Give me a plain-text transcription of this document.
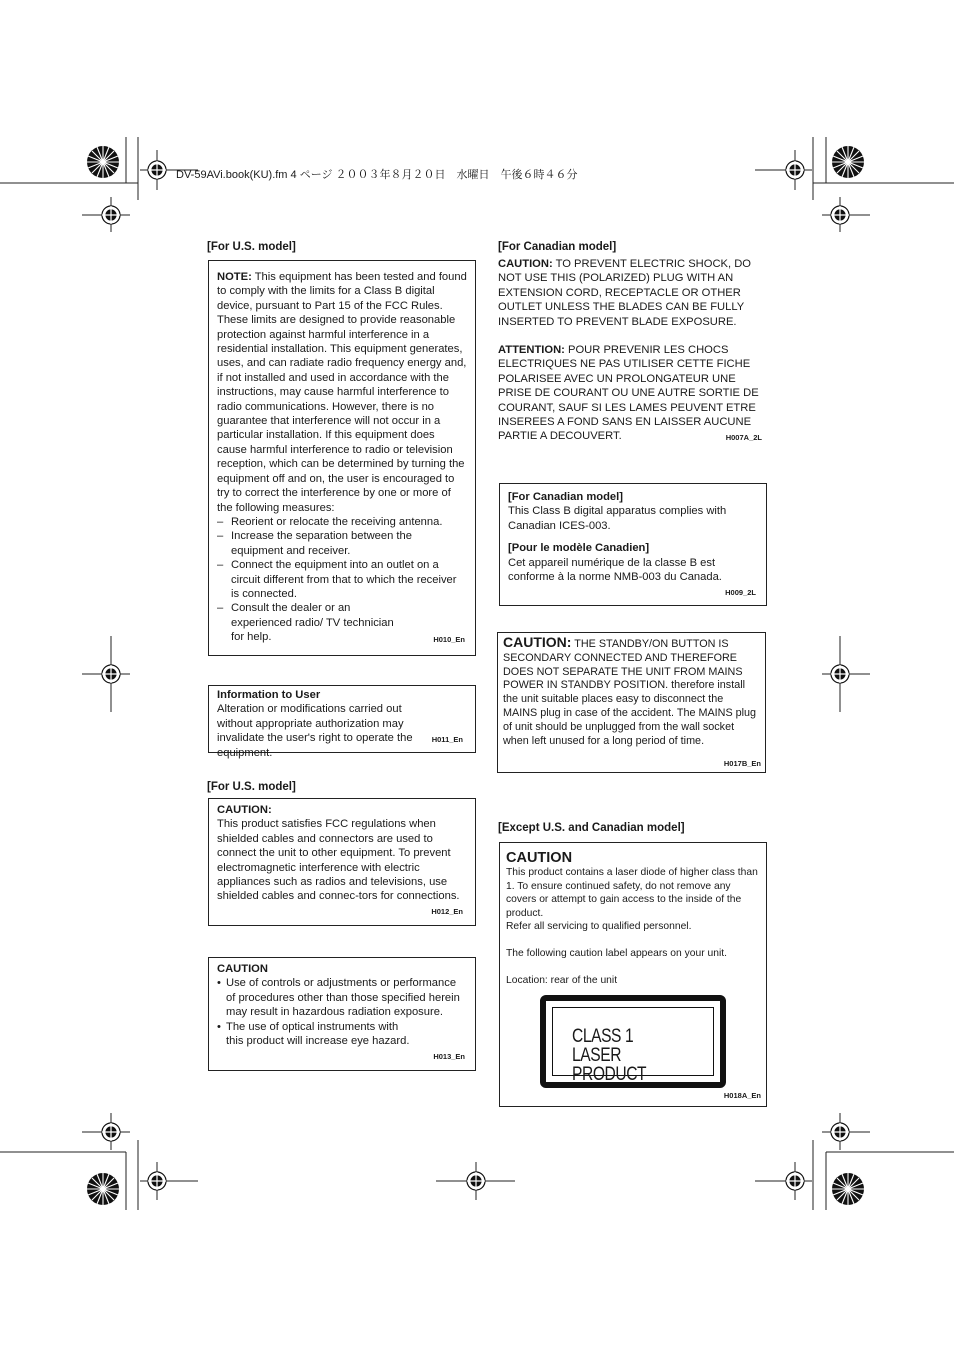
DV-59AVi.book(KU).fm 4 ページ ２００３年８月２０日　水曜日　午後６時４６分
[For U.S. model]

NOTE: This equipment has been tested and found to comply with the limits for a Class B digital device, pursuant to Part 15 of the FCC Rules. These limits are designed to provide reasonable protection against harmful interference in a residential installation. This equipment generates, uses, and can radiate radio frequency energy and, if not installed and used in accordance with the instructions, may cause harmful interference to radio communications. However, there is no guarantee that interference will not occur in a particular installation. If this equipment does cause harmful interference to radio or television reception, which can be determined by turning the equipment off and on, the user is encouraged to try to correct the interference by one or more of the following measures:

– Reorient or relocate the receiving antenna.
– Increase the separation between the equipment and receiver.
– Connect the equipment into an outlet on a circuit different from that to which the receiver is connected.
– Consult the dealer or an experienced radio/ TV technician for help.	H010_En
Information to User

Alteration or modifications carried out without appropriate authorization may invalidate the user's right to operate the equipment.

H011_En
[For U.S. model]
CAUTION:

This product satisfies FCC regulations when shielded cables and connectors are used to connect the unit to other equipment. To prevent electromagnetic interference with electric appliances such as radios and televisions, use shielded cables and connec-tors for connections.

H012_En
CAUTION
• Use of controls or adjustments or performance of procedures other than those specified herein may result in hazardous radiation exposure.
• The use of optical instruments with this product will increase eye hazard.
H013_En
[For Canadian model]

CAUTION: TO PREVENT ELECTRIC SHOCK, DO NOT USE THIS (POLARIZED) PLUG WITH AN EXTENSION CORD, RECEPTACLE OR OTHER OUTLET UNLESS THE BLADES CAN BE FULLY INSERTED TO PREVENT BLADE EXPOSURE.

ATTENTION: POUR PREVENIR LES CHOCS ELECTRIQUES NE PAS UTILISER CETTE FICHE POLARISEE AVEC UN PROLONGATEUR UNE PRISE DE COURANT OU UNE AUTRE SORTIE DE COURANT, SAUF SI LES LAMES PEUVENT ETRE INSEREES A FOND SANS EN LAISSER AUCUNE PARTIE A DECOUVERT.	H007A_2L
[For Canadian model]

This Class B digital apparatus complies with Canadian ICES-003.

[Pour le modèle Canadien]

Cet appareil numérique de la classe B est conforme à la norme NMB-003 du Canada.

H009_2L

CAUTION: THE STANDBY/ON BUTTON IS SECONDARY CONNECTED AND THEREFORE DOES NOT SEPARATE THE UNIT FROM MAINS POWER IN STANDBY POSITION. therefore install the unit suitable places easy to disconnect the MAINS plug in case of the accident. The MAINS plug of unit should be unplugged from the wall socket when left unused for a long period of time.

H017B_En
[Except U.S. and Canadian model]
CAUTION

This product contains a laser diode of higher class than 1. To ensure continued safety, do not remove any covers or attempt to gain access to the inside of the product.

Refer all servicing to qualified personnel.

The following caution label appears on your unit.

Location: rear of the unit

CLASS 1
LASER PRODUCT
H018A_En
